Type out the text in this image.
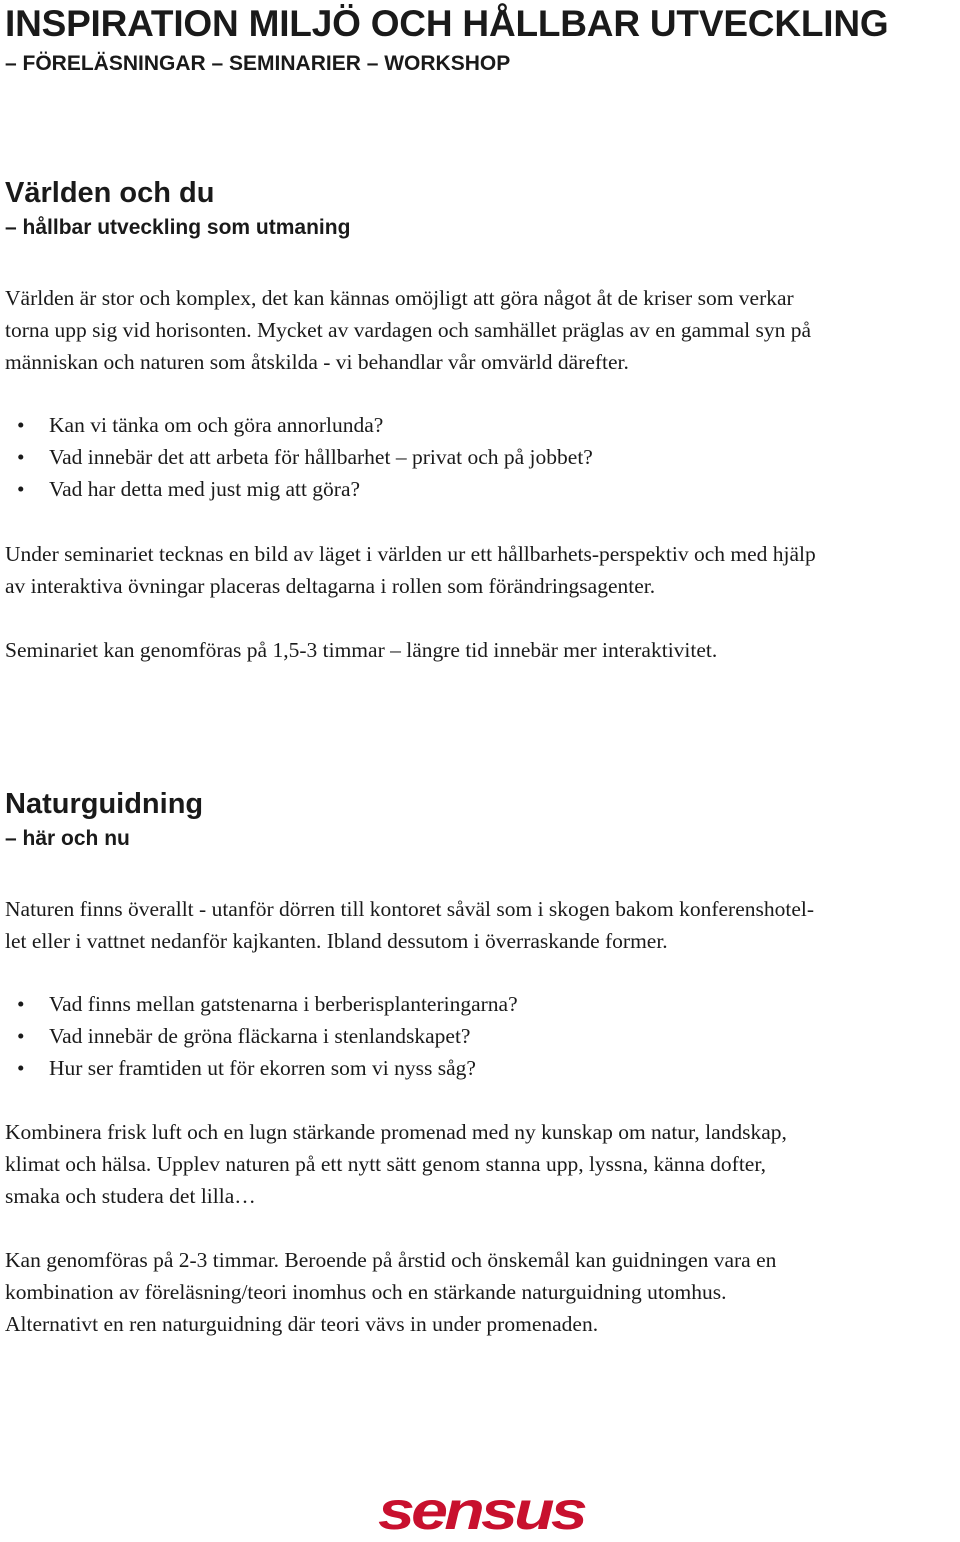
INSPIRATION MILJÖ OCH HÅLLBAR UTVECKLING
– FÖRELÄSNINGAR – SEMINARIER – WORKSHOP
Världen och du
– hållbar utveckling som utmaning
Världen är stor och komplex, det kan kännas omöjligt att göra något åt de kriser som verkar
torna upp sig vid horisonten. Mycket av vardagen och samhället präglas av en gammal syn på
människan och naturen som åtskilda - vi behandlar vår omvärld därefter.
• Kan vi tänka om och göra annorlunda?
• Vad innebär det att arbeta för hållbarhet – privat och på jobbet?
• Vad har detta med just mig att göra?
Under seminariet tecknas en bild av läget i världen ur ett hållbarhets-perspektiv och med hjälp
av interaktiva övningar placeras deltagarna i rollen som förändringsagenter.
Seminariet kan genomföras på 1,5-3 timmar – längre tid innebär mer interaktivitet.
Naturguidning
– här och nu
Naturen finns överallt - utanför dörren till kontoret såväl som i skogen bakom konferenshotel-
let eller i vattnet nedanför kajkanten. Ibland dessutom i överraskande former.
• Vad finns mellan gatstenarna i berberisplanteringarna?
• Vad innebär de gröna fläckarna i stenlandskapet?
• Hur ser framtiden ut för ekorren som vi nyss såg?
Kombinera frisk luft och en lugn stärkande promenad med ny kunskap om natur, landskap,
klimat och hälsa. Upplev naturen på ett nytt sätt genom stanna upp, lyssna, känna dofter,
smaka och studera det lilla…
Kan genomföras på 2-3 timmar. Beroende på årstid och önskemål kan guidningen vara en
kombination av föreläsning/teori inomhus och en stärkande naturguidning utomhus.
Alternativt en ren naturguidning där teori vävs in under promenaden.
sensus
